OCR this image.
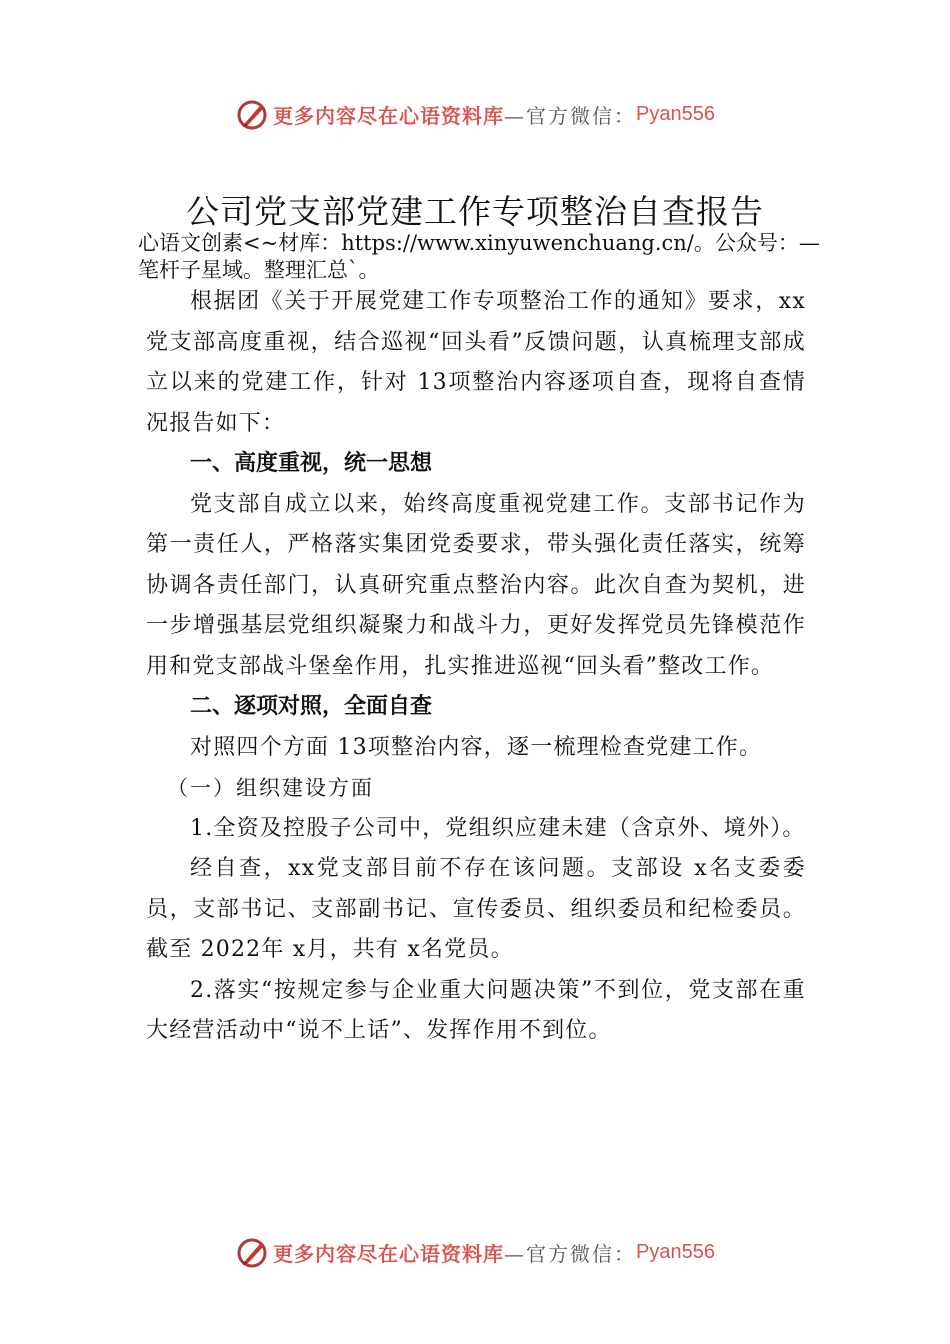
更多内容尽在心语资料库 —官方微信： Pyan556
公司党支部党建工作专项整治自查报告
心语文创素<~材库：https://www.xinyuwenchuang.cn/。公众号：—笔杆子星域。整理汇总`。
根据团《关于开展党建工作专项整治工作的通知》要求，xx党支部高度重视，结合巡视“回头看”反馈问题，认真梳理支部成立以来的党建工作，针对 13项整治内容逐项自查，现将自查情况报告如下：
一、高度重视，统一思想
党支部自成立以来，始终高度重视党建工作。支部书记作为第一责任人，严格落实集团党委要求，带头强化责任落实，统筹协调各责任部门，认真研究重点整治内容。此次自查为契机，进一步增强基层党组织凝聚力和战斗力，更好发挥党员先锋模范作用和党支部战斗堡垒作用，扎实推进巡视“回头看”整改工作。
二、逐项对照，全面自查
对照四个方面 13项整治内容，逐一梳理检查党建工作。
（一）组织建设方面
1.全资及控股子公司中，党组织应建未建（含京外、境外）。
经自查，xx党支部目前不存在该问题。支部设 x名支委委员，支部书记、支部副书记、宣传委员、组织委员和纪检委员。截至 2022年 x月，共有 x名党员。
2.落实“按规定参与企业重大问题决策”不到位，党支部在重大经营活动中“说不上话”、发挥作用不到位。
更多内容尽在心语资料库 —官方微信： Pyan556
